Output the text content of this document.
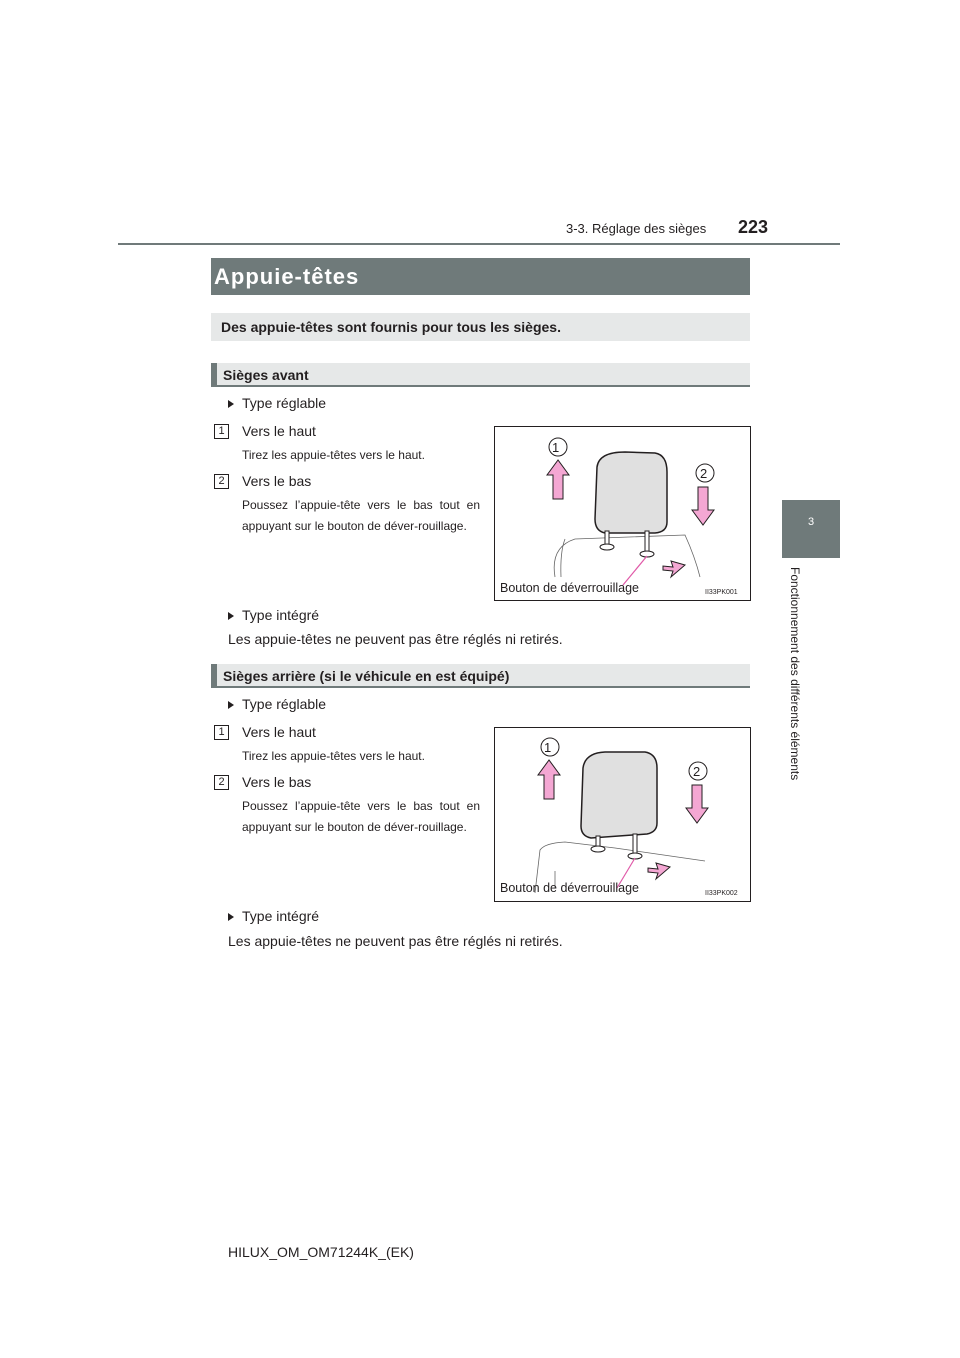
3-3. Réglage des sièges 223
3
Fonctionnement des différents éléments
Appuie-têtes
Des appuie-têtes sont fournis pour tous les sièges.
Sièges avant
Type réglable
1	Vers le haut
Tirez les appuie-têtes vers le haut.
2	Vers le bas
Poussez l’appuie-tête vers le bas tout en appuyant sur le bouton de déver-rouillage.
1
2
Bouton de déverrouillage	II33PK001
Type intégré
Les appuie-têtes ne peuvent pas être réglés ni retirés.
Sièges arrière (si le véhicule en est équipé)
Type réglable
1	Vers le haut
Tirez les appuie-têtes vers le haut.
2	Vers le bas
Poussez l’appuie-tête vers le bas tout en appuyant sur le bouton de déver-rouillage.
1
2
Bouton de déverrouillage	II33PK002
Type intégré
Les appuie-têtes ne peuvent pas être réglés ni retirés.
HILUX_OM_OM71244K_(EK)
